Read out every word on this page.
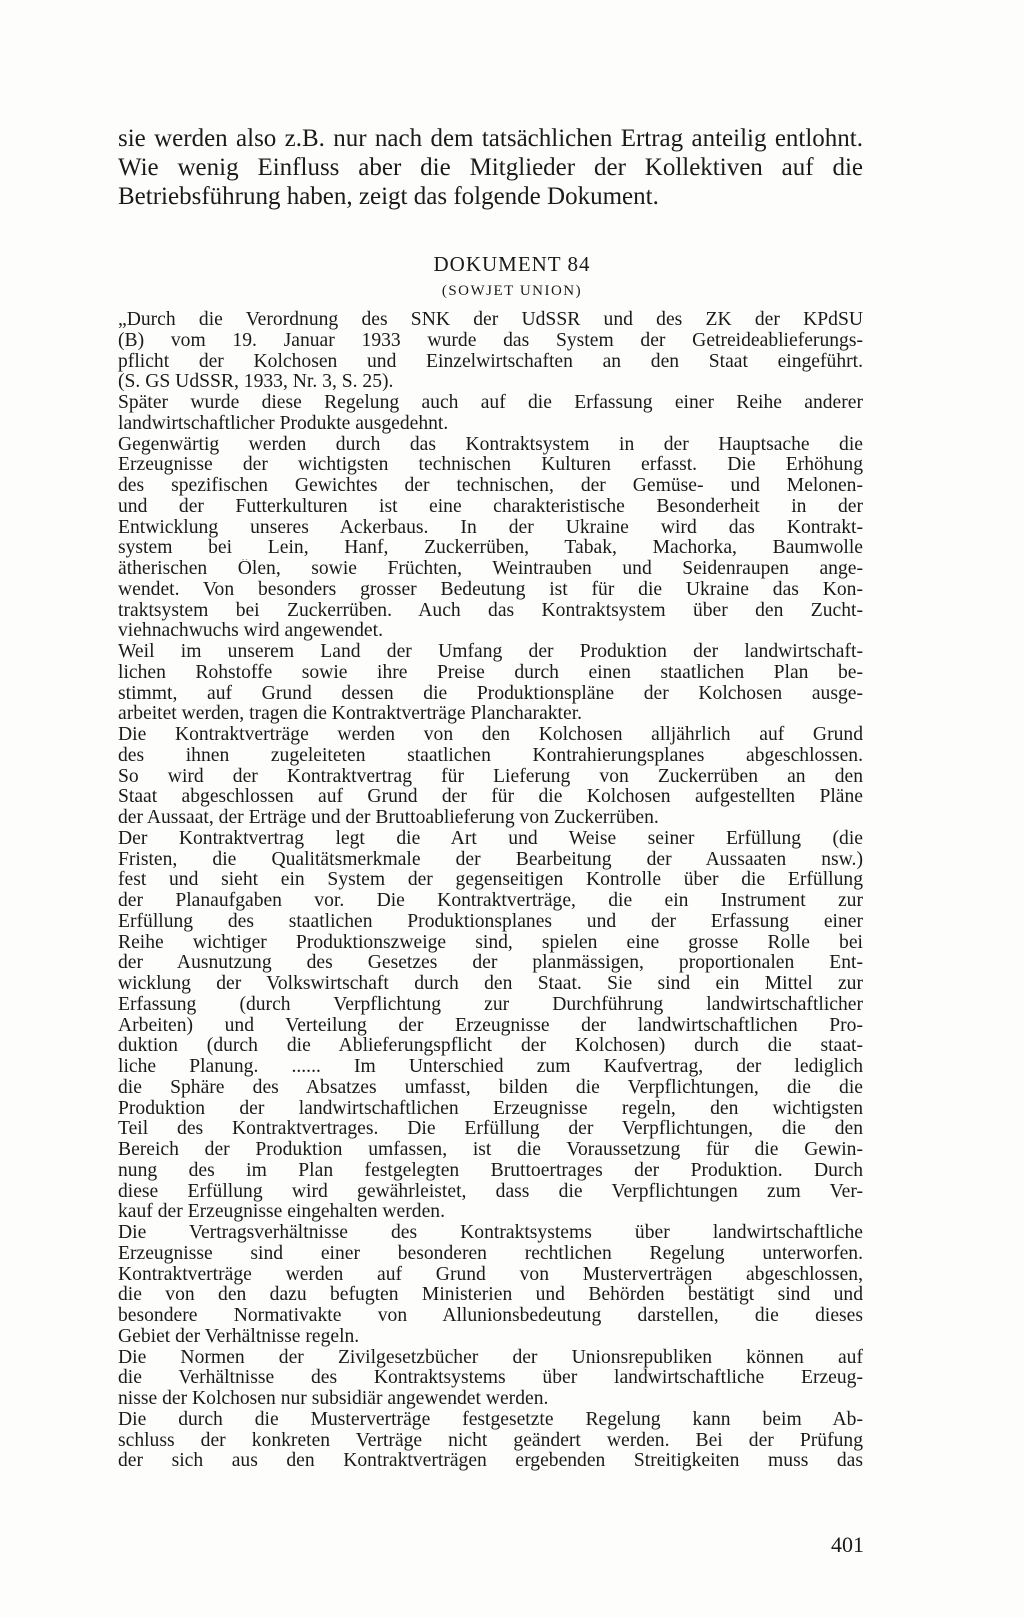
sie werden also z.B. nur nach dem tatsächlichen Ertrag anteilig entlohnt. Wie wenig Einfluss aber die Mitglieder der Kollektiven auf die Betriebsführung haben, zeigt das folgende Dokument.

DOKUMENT 84
(SOWJET UNION)
„Durch die Verordnung des SNK der UdSSR und des ZK der KPdSU
(B) vom 19. Januar 1933 wurde das System der Getreideablieferungs-
pflicht der Kolchosen und Einzelwirtschaften an den Staat eingeführt.
(S. GS UdSSR, 1933, Nr. 3, S. 25).
Später wurde diese Regelung auch auf die Erfassung einer Reihe anderer
landwirtschaftlicher Produkte ausgedehnt.
Gegenwärtig werden durch das Kontraktsystem in der Hauptsache die
Erzeugnisse der wichtigsten technischen Kulturen erfasst. Die Erhöhung
des spezifischen Gewichtes der technischen, der Gemüse- und Melonen-
und der Futterkulturen ist eine charakteristische Besonderheit in der
Entwicklung unseres Ackerbaus. In der Ukraine wird das Kontrakt-
system bei Lein, Hanf, Zuckerrüben, Tabak, Machorka, Baumwolle
ätherischen Ölen, sowie Früchten, Weintrauben und Seidenraupen ange-
wendet. Von besonders grosser Bedeutung ist für die Ukraine das Kon-
traktsystem bei Zuckerrüben. Auch das Kontraktsystem über den Zucht-
viehnachwuchs wird angewendet.
Weil im unserem Land der Umfang der Produktion der landwirtschaft-
lichen Rohstoffe sowie ihre Preise durch einen staatlichen Plan be-
stimmt, auf Grund dessen die Produktionspläne der Kolchosen ausge-
arbeitet werden, tragen die Kontraktverträge Plancharakter.
Die Kontraktverträge werden von den Kolchosen alljährlich auf Grund
des ihnen zugeleiteten staatlichen Kontrahierungsplanes abgeschlossen.
So wird der Kontraktvertrag für Lieferung von Zuckerrüben an den
Staat abgeschlossen auf Grund der für die Kolchosen aufgestellten Pläne
der Aussaat, der Erträge und der Bruttoablieferung von Zuckerrüben.
Der Kontraktvertrag legt die Art und Weise seiner Erfüllung (die
Fristen, die Qualitätsmerkmale der Bearbeitung der Aussaaten nsw.)
fest und sieht ein System der gegenseitigen Kontrolle über die Erfüllung
der Planaufgaben vor. Die Kontraktverträge, die ein Instrument zur
Erfüllung des staatlichen Produktionsplanes und der Erfassung einer
Reihe wichtiger Produktionszweige sind, spielen eine grosse Rolle bei
der Ausnutzung des Gesetzes der planmässigen, proportionalen Ent-
wicklung der Volkswirtschaft durch den Staat. Sie sind ein Mittel zur
Erfassung (durch Verpflichtung zur Durchführung landwirtschaftlicher
Arbeiten) und Verteilung der Erzeugnisse der landwirtschaftlichen Pro-
duktion (durch die Ablieferungspflicht der Kolchosen) durch die staat-
liche Planung. ...... Im Unterschied zum Kaufvertrag, der lediglich
die Sphäre des Absatzes umfasst, bilden die Verpflichtungen, die die
Produktion der landwirtschaftlichen Erzeugnisse regeln, den wichtigsten
Teil des Kontraktvertrages. Die Erfüllung der Verpflichtungen, die den
Bereich der Produktion umfassen, ist die Voraussetzung für die Gewin-
nung des im Plan festgelegten Bruttoertrages der Produktion. Durch
diese Erfüllung wird gewährleistet, dass die Verpflichtungen zum Ver-
kauf der Erzeugnisse eingehalten werden.
Die Vertragsverhältnisse des Kontraktsystems über landwirtschaftliche
Erzeugnisse sind einer besonderen rechtlichen Regelung unterworfen.
Kontraktverträge werden auf Grund von Musterverträgen abgeschlossen,
die von den dazu befugten Ministerien und Behörden bestätigt sind und
besondere Normativakte von Allunionsbedeutung darstellen, die dieses
Gebiet der Verhältnisse regeln.
Die Normen der Zivilgesetzbücher der Unionsrepubliken können auf
die Verhältnisse des Kontraktsystems über landwirtschaftliche Erzeug-
nisse der Kolchosen nur subsidiär angewendet werden.
Die durch die Musterverträge festgesetzte Regelung kann beim Ab-
schluss der konkreten Verträge nicht geändert werden. Bei der Prüfung
der sich aus den Kontraktverträgen ergebenden Streitigkeiten muss das
401
